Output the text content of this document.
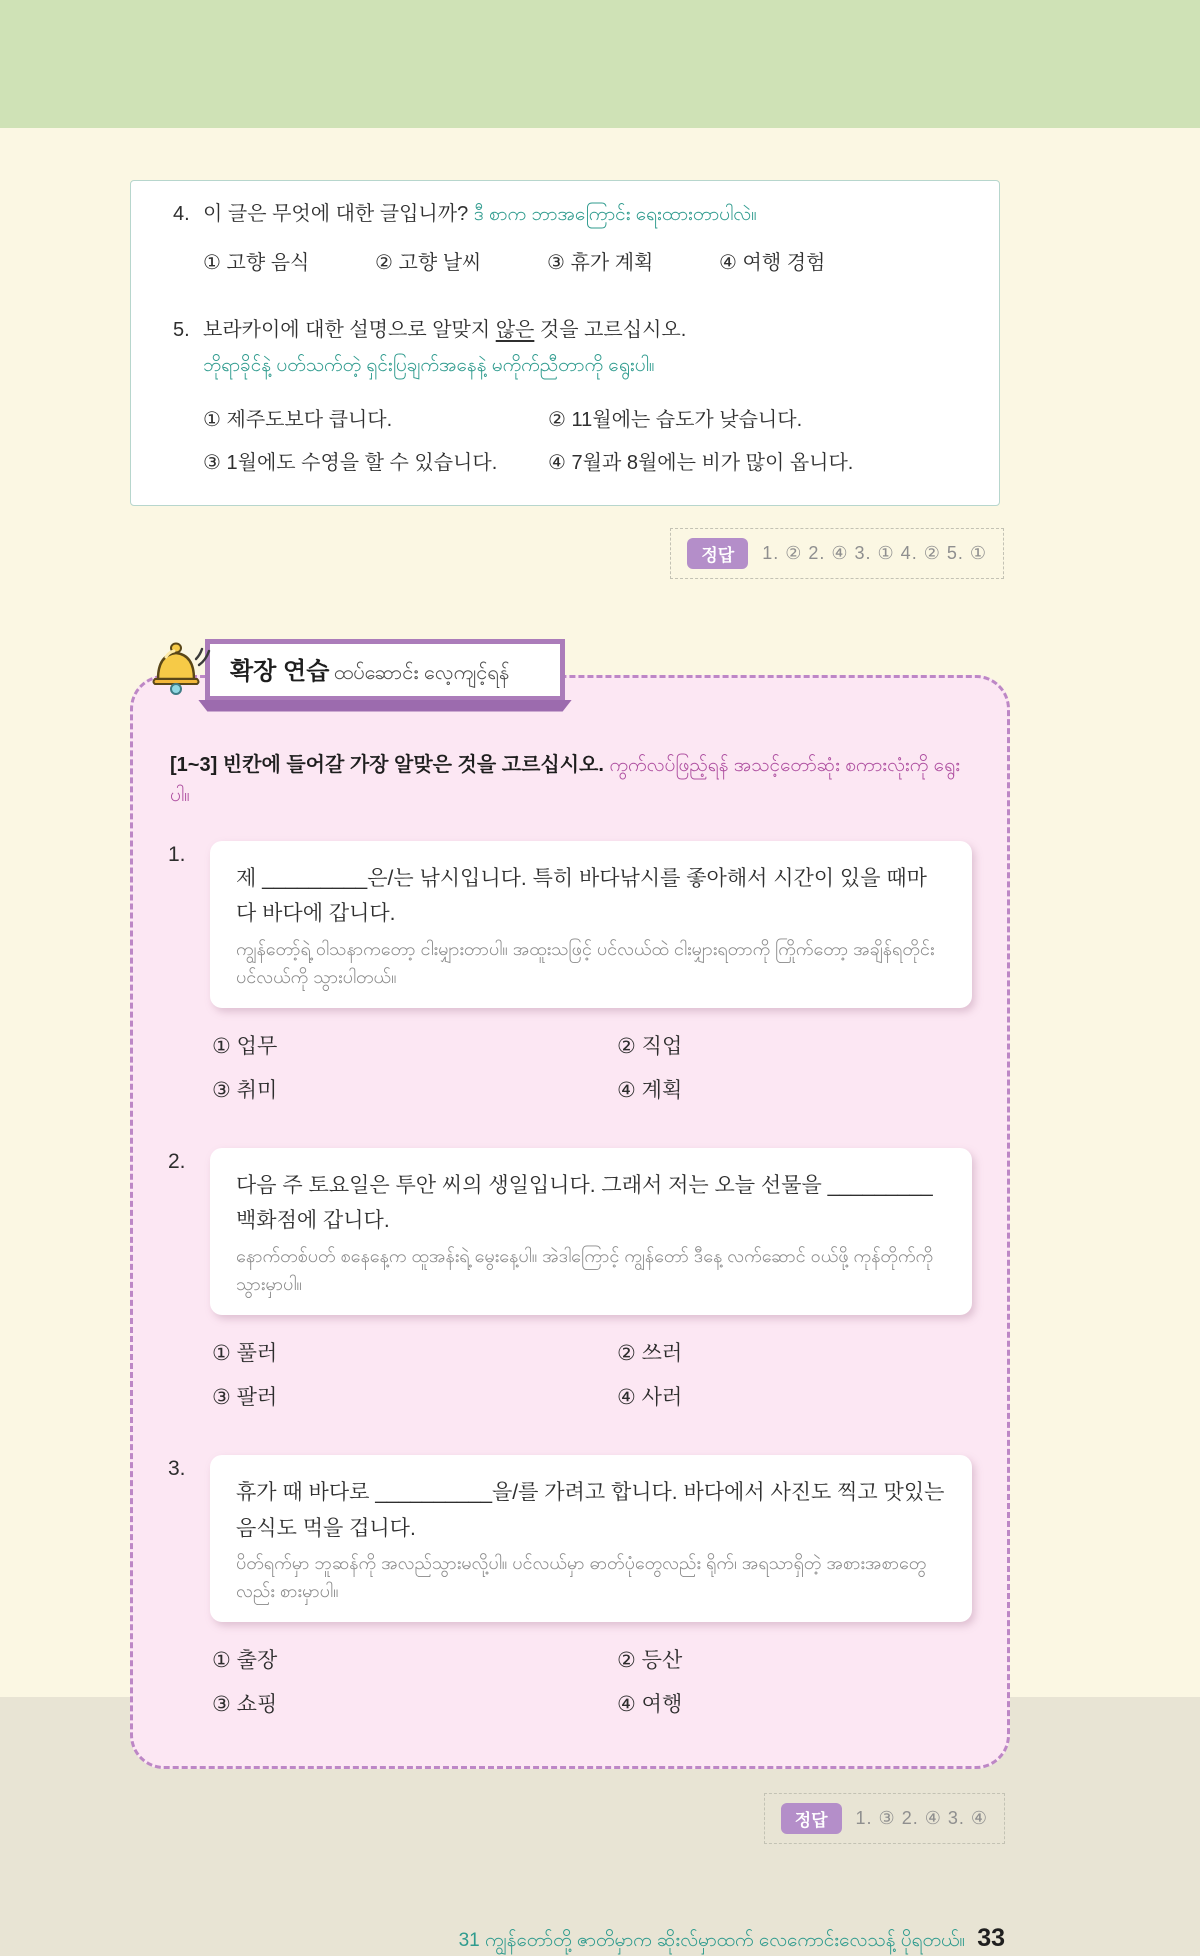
4. 이 글은 무엇에 대한 글입니까? ဒီ စာက ဘာအကြောင်း ရေးထားတာပါလဲ။
① 고향 음식	② 고향 날씨	③ 휴가 계획	④ 여행 경험
5. 보라카이에 대한 설명으로 알맞지 않은 것을 고르십시오.
ဘိုရာခိုင်နဲ့ ပတ်သက်တဲ့ ရှင်းပြချက်အနေနဲ့ မကိုက်ညီတာကို ရွေးပါ။
① 제주도보다 큽니다.	② 11월에는 습도가 낮습니다.
③ 1월에도 수영을 할 수 있습니다.	④ 7월과 8월에는 비가 많이 옵니다.
정답	1. ② 2. ④ 3. ① 4. ② 5. ①
확장 연습 ထပ်ဆောင်း လေ့ကျင့်ရန်
[1~3] 빈칸에 들어갈 가장 알맞은 것을 고르십시오. ကွက်လပ်ဖြည့်ရန် အသင့်တော်ဆုံး စကားလုံးကို ရွေးပါ။
1.
제 _________은/는 낚시입니다. 특히 바다낚시를 좋아해서 시간이 있을 때마다 바다에 갑니다.
ကျွန်တော့်ရဲ့ ဝါသနာကတော့ ငါးမျှားတာပါ။ အထူးသဖြင့် ပင်လယ်ထဲ ငါးမျှားရတာကို ကြိုက်တော့ အချိန်ရတိုင်း ပင်လယ်ကို သွားပါတယ်။
① 업무	② 직업
③ 취미	④ 계획
2.
다음 주 토요일은 투안 씨의 생일입니다. 그래서 저는 오늘 선물을 _________ 백화점에 갑니다.
နောက်တစ်ပတ် စနေနေ့က ထူအန်းရဲ့ မွေးနေ့ပါ။ အဲဒါကြောင့် ကျွန်တော် ဒီနေ့ လက်ဆောင် ဝယ်ဖို့ ကုန်တိုက်ကို သွားမှာပါ။
① 풀러	② 쓰러
③ 팔러	④ 사러
3.
휴가 때 바다로 __________을/를 가려고 합니다. 바다에서 사진도 찍고 맛있는 음식도 먹을 겁니다.
ပိတ်ရက်မှာ ဘူဆန်ကို အလည်သွားမလို့ပါ။ ပင်လယ်မှာ ဓာတ်ပုံတွေလည်း ရိုက်၊ အရသာရှိတဲ့ အစားအစာတွေလည်း စားမှာပါ။
① 출장	② 등산
③ 쇼핑	④ 여행
정답	1. ③ 2. ④ 3. ④
31 ကျွန်တော်တို့ ဇာတိမှာက ဆိုးလ်မှာထက် လေကောင်းလေသန့် ပိုရတယ်။ 33
